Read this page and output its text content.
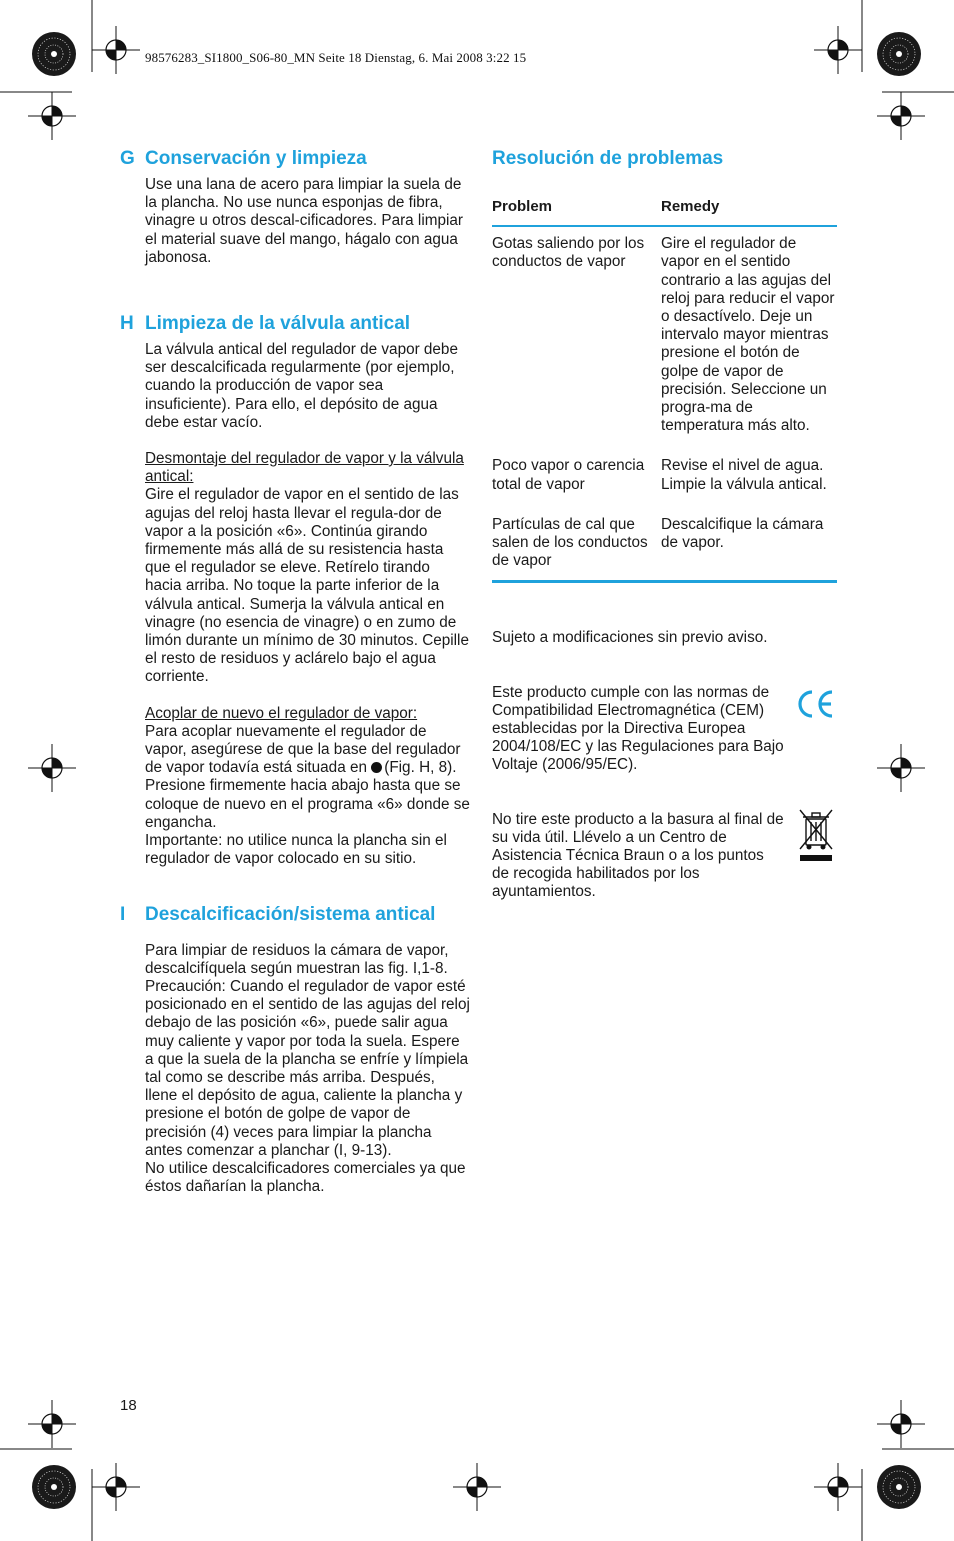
98576283_SI1800_S06-80_MN Seite 18 Dienstag, 6. Mai 2008 3:22 15
G Conservación y limpieza

Use una lana de acero para limpiar la suela de la plancha. No use nunca esponjas de fibra, vinagre u otros descal-cificadores. Para limpiar el material suave del mango, hágalo con agua jabonosa.

H Limpieza de la válvula antical

La válvula antical del regulador de vapor debe ser descalcificada regularmente (por ejemplo, cuando la producción de vapor sea insuficiente). Para ello, el depósito de agua debe estar vacío.

Desmontaje del regulador de vapor y la válvula antical:

Gire el regulador de vapor en el sentido de las agujas del reloj hasta llevar el regula-dor de vapor a la posición «6». Continúa girando firmemente más allá de su resistencia hasta que el regulador se eleve. Retírelo tirando hacia arriba. No toque la parte inferior de la válvula antical. Sumerja la válvula antical en vinagre (no esencia de vinagre) o en zumo de limón durante un mínimo de 30 minutos. Cepille el resto de residuos y aclárelo bajo el agua corriente.

Acoplar de nuevo el regulador de vapor:

Para acoplar nuevamente el regulador de vapor, asegúrese de que la base del regulador de vapor todavía está situada en (Fig. H, 8). Presione firmemente hacia abajo hasta que se coloque de nuevo en el programa «6» donde se engancha.

Importante: no utilice nunca la plancha sin el regulador de vapor colocado en su sitio.

I Descalcificación/sistema antical

Para limpiar de residuos la cámara de vapor, descalcifíquela según muestran las fig. I,1-8. Precaución: Cuando el regulador de vapor esté posicionado en el sentido de las agujas del reloj debajo de las posición «6», puede salir agua muy caliente y vapor por toda la suela. Espere a que la suela de la plancha se enfríe y límpiela tal como se describe más arriba. Después, llene el depósito de agua, caliente la plancha y presione el botón de golpe de vapor de precisión (4) veces para limpiar la plancha antes comenzar a planchar (I, 9-13).

No utilice descalcificadores comerciales ya que éstos dañarían la plancha.

Resolución de problemas
Problem	Remedy
Gotas saliendo por los conductos de vapor	Gire el regulador de vapor en el sentido contrario a las agujas del reloj para reducir el vapor o desactívelo. Deje un intervalo mayor mientras presione el botón de golpe de vapor de precisión. Seleccione un progra-ma de temperatura más alto.
Poco vapor o carencia total de vapor	Revise el nivel de agua. Limpie la válvula antical.
Partículas de cal que salen de los conductos de vapor	Descalcifique la cámara de vapor.

Sujeto a modificaciones sin previo aviso.

Este producto cumple con las normas de Compatibilidad Electromagnética (CEM) establecidas por la Directiva Europea 2004/108/EC y las Regulaciones para Bajo Voltaje (2006/95/EC).
No tire este producto a la basura al final de su vida útil. Llévelo a un Centro de Asistencia Técnica Braun o a los puntos de recogida habilitados por los ayuntamientos.
18
